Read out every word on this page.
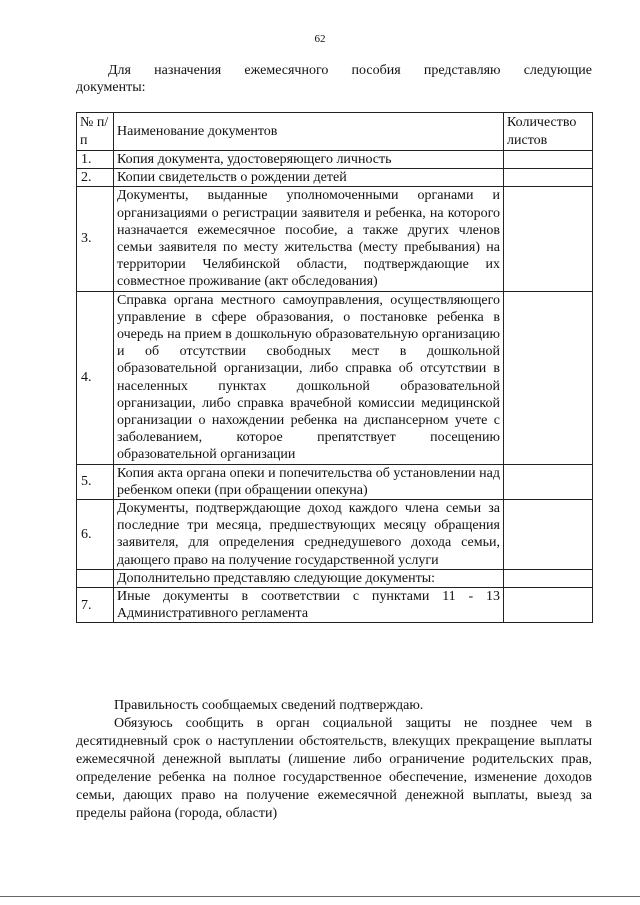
62
Для назначения ежемесячного пособия представляю следующие
документы:
№ п/п	Наименование документов	Количество листов
1.	Копия документа, удостоверяющего личность	
2.	Копии свидетельств о рождении детей	
3.	Документы, выданные уполномоченными органами и организациями о регистрации заявителя и ребенка, на которого назначается ежемесячное пособие, а также других членов семьи заявителя по месту жительства (месту пребывания) на территории Челябинской области, подтверждающие их совместное проживание (акт обследования)	
4.	Справка органа местного самоуправления, осуществляющего управление в сфере образования, о постановке ребенка в очередь на прием в дошкольную образовательную организацию и об отсутствии свободных мест в дошкольной образовательной организации, либо справка об отсутствии в населенных пунктах дошкольной образовательной организации, либо справка врачебной комиссии медицинской организации о нахождении ребенка на диспансерном учете с заболеванием, которое препятствует посещению образовательной организации	
5.	Копия акта органа опеки и попечительства об установлении над ребенком опеки (при обращении опекуна)	
6.	Документы, подтверждающие доход каждого члена семьи за последние три месяца, предшествующих месяцу обращения заявителя, для определения среднедушевого дохода семьи, дающего право на получение государственной услуги	
	Дополнительно представляю следующие документы:	
7.	Иные документы в соответствии с пунктами 11 - 13 Административного регламента	

Правильность сообщаемых сведений подтверждаю.

Обязуюсь сообщить в орган социальной защиты не позднее чем в десятидневный срок о наступлении обстоятельств, влекущих прекращение выплаты ежемесячной денежной выплаты (лишение либо ограничение родительских прав, определение ребенка на полное государственное обеспечение, изменение доходов семьи, дающих право на получение ежемесячной денежной выплаты, выезд за пределы района (города, области)
